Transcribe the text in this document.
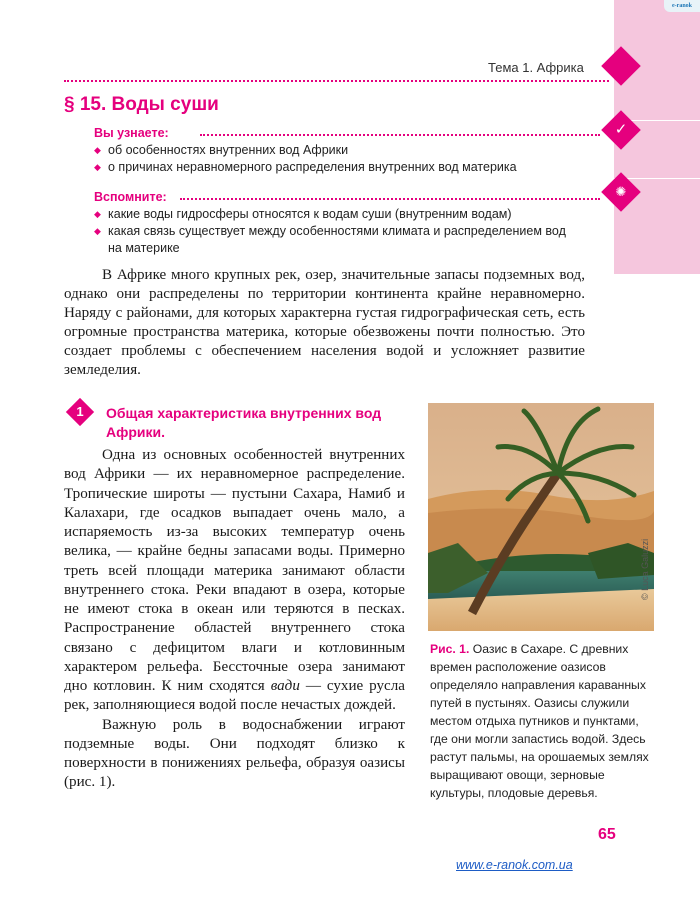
e-ranok
Тема 1. Африка
§ 15. Воды суши
Вы узнаете:	✓
◆ об особенностях внутренних вод Африки
◆ о причинах неравномерного распределения внутренних вод материка
Вспомните:	✺
◆ какие воды гидросферы относятся к водам суши (внутренним водам)
◆ какая связь существует между особенностями климата и распределением вод на материке

В Африке много крупных рек, озер, значительные запасы подземных вод, однако они распределены по территории континента крайне неравномерно. Наряду с районами, для которых характерна густая гидрографическая сеть, есть огромные пространства материка, которые обезвожены почти полностью. Это создает проблемы с обеспечением населения водой и усложняет развитие земледелия.

1	Общая характеристика внутренних вод Африки.

Одна из основных особенностей внутренних вод Африки — их неравномерное распределение. Тропические широты — пустыни Сахара, Намиб и Калахари, где осадков выпадает очень мало, а испаряемость из-за высоких температур очень велика, — крайне бедны запасами воды. Примерно треть всей площади материка занимают области внутреннего стока. Реки впадают в озера, которые не имеют стока в океан или теряются в песках. Распространение областей внутреннего стока связано с дефицитом влаги и котловинным характером рельефа. Бессточные озера занимают дно котловин. К ним сходятся вади — сухие русла рек, заполняющиеся водой после нечастых дождей.

Важную роль в водоснабжении играют подземные воды. Они подходят близко к поверхности в понижениях рельефа, образуя оазисы (рис. 1).

© Luca Galuzzi
Рис. 1. Оазис в Сахаре. С древних времен расположение оазисов определяло направления караванных путей в пустынях. Оазисы служили местом отдыха путников и пунктами, где они могли запастись водой. Здесь растут пальмы, на орошаемых землях выращивают овощи, зерновые культуры, плодовые деревья.
65
www.e-ranok.com.ua
